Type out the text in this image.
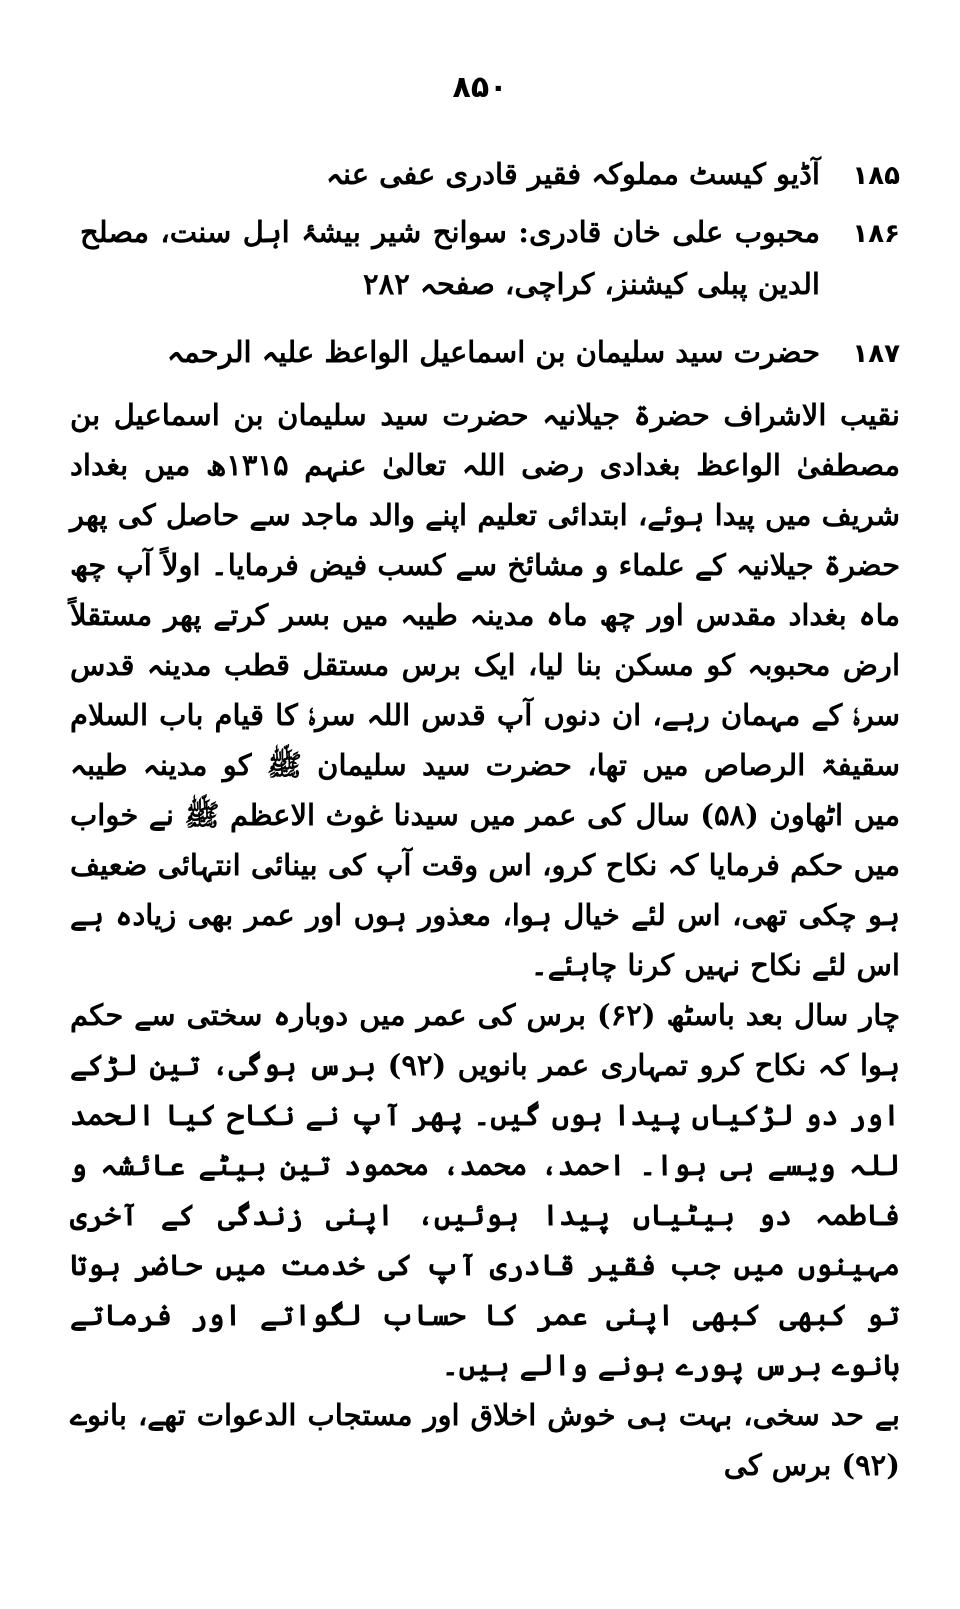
۸۵۰
۱۸۵آڈیو کیسٹ مملوکہ فقیر قادری عفی عنہ
۱۸۶محبوب علی خان قادری: سوانح شیر بیشۂ اہل سنت، مصلح الدین پبلی کیشنز، کراچی، صفحہ ۲۸۲
۱۸۷حضرت سید سلیمان بن اسماعیل الواعظ علیہ الرحمہ

نقیب الاشراف حضرۃ جیلانیہ حضرت سید سلیمان بن اسماعیل بن مصطفیٰ الواعظ بغدادی رضی اللہ تعالیٰ عنہم ۱۳۱۵ھ میں بغداد شریف میں پیدا ہوئے، ابتدائی تعلیم اپنے والد ماجد سے حاصل کی پھر حضرۃ جیلانیہ کے علماء و مشائخ سے کسب فیض فرمایا۔ اولاً آپ چھ ماہ بغداد مقدس اور چھ ماہ مدینہ طیبہ میں بسر کرتے پھر مستقلاً ارض محبوبہ کو مسکن بنا لیا، ایک برس مستقل قطب مدینہ قدس سرہٗ کے مہمان رہے، ان دنوں آپ قدس اللہ سرہٗ کا قیام باب السلام سقیفۃ الرصاص میں تھا، حضرت سید سلیمان ﷺ کو مدینہ طیبہ میں اٹھاون (۵۸) سال کی عمر میں سیدنا غوث الاعظم ﷺ نے خواب میں حکم فرمایا کہ نکاح کرو، اس وقت آپ کی بینائی انتہائی ضعیف ہو چکی تھی، اس لئے خیال ہوا، معذور ہوں اور عمر بھی زیادہ ہے اس لئے نکاح نہیں کرنا چاہئے۔

چار سال بعد باسٹھ (۶۲) برس کی عمر میں دوبارہ سختی سے حکم ہوا کہ نکاح کرو تمہاری عمر بانویں (۹۲) برس ہوگی، تین لڑکے اور دو لڑکیاں پیدا ہوں گیں۔ پھر آپ نے نکاح کیا الحمد للہ ویسے ہی ہوا۔ احمد، محمد، محمود تین بیٹے عائشہ و فاطمہ دو بیٹیاں پیدا ہوئیں، اپنی زندگی کے آخری مہینوں میں جب فقیر قادری آپ کی خدمت میں حاضر ہوتا تو کبھی کبھی اپنی عمر کا حساب لگواتے اور فرماتے بانوے برس پورے ہونے والے ہیں۔

بے حد سخی، بہت ہی خوش اخلاق اور مستجاب الدعوات تھے، بانوے (۹۲) برس کی
